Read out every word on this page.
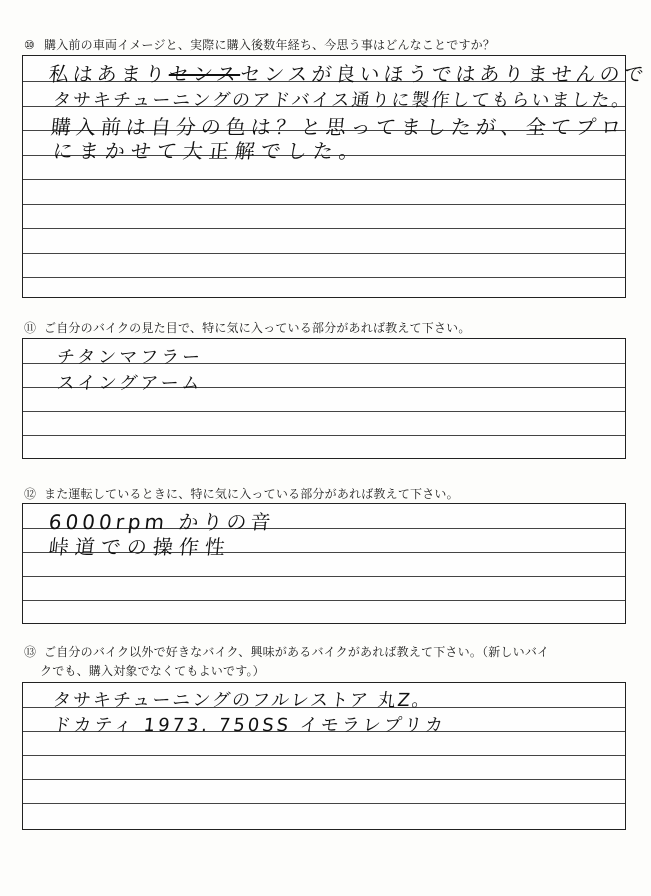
⑩ 購入前の車両イメージと、実際に購入後数年経ち、今思う事はどんなことですか？
私はあまりセンスセンスが良いほうではありませんので
タサキチューニングのアドバイス通りに製作してもらいました。
購入前は自分の色は？と思ってましたが、全てプロ
にまかせて大正解でした。
⑪ ご自分のバイクの見た目で、特に気に入っている部分があれば教えて下さい。
チタンマフラー
スイングアーム
⑫ また運転しているときに、特に気に入っている部分があれば教えて下さい。
6000rpm かりの音
峠道での操作性
⑬ ご自分のバイク以外で好きなバイク、興味があるバイクがあれば教えて下さい。（新しいバイ
クでも、購入対象でなくてもよいです。）
タサキチューニングのフルレストア 丸Z。
ドカティ 1973. 750SS イモラレプリカ
